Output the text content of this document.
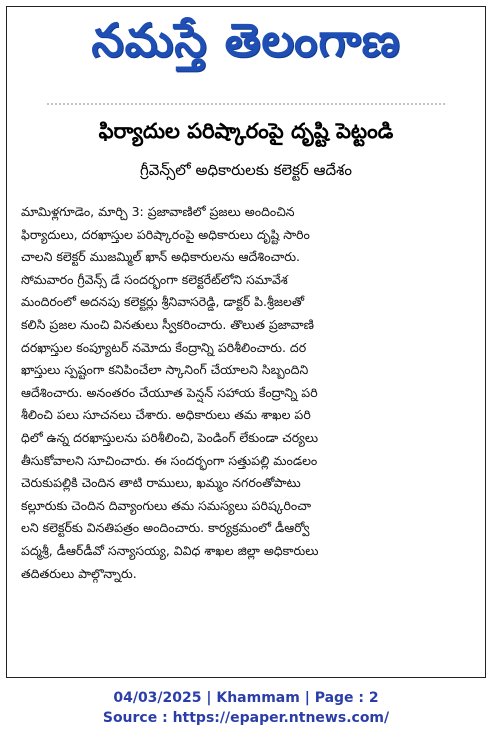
నమస్తే తెలంగాణ
ఫిర్యాదుల పరిష్కారంపై దృష్టి పెట్టండి
గ్రీవెన్స్‌లో అధికారులకు కలెక్టర్ ఆదేశం
మామిళ్లగూడెం, మార్చి 3: ప్రజావాణిలో ప్రజలు అందించిన
ఫిర్యాదులు, దరఖాస్తుల పరిష్కారంపై అధికారులు దృష్టి సారిం
చాలని కలెక్టర్ ముజమ్మిల్ ఖాన్ అధికారులను ఆదేశించారు.
సోమవారం గ్రీవెన్స్ డే సందర్భంగా కలెక్టరేట్‌లోని సమావేశ
మందిరంలో అదనపు కలెక్టర్లు శ్రీనివాసరెడ్డి, డాక్టర్ పి.శ్రీజలతో
కలిసి ప్రజల నుంచి వినతులు స్వీకరించారు. తొలుత ప్రజావాణి
దరఖాస్తుల కంప్యూటర్ నమోదు కేంద్రాన్ని పరిశీలించారు. దర
ఖాస్తులు స్పష్టంగా కనిపించేలా స్కానింగ్ చేయాలని సిబ్బందిని
ఆదేశించారు. అనంతరం చేయూత పెన్షన్ సహాయ కేంద్రాన్ని పరి
శీలించి పలు సూచనలు చేశారు. అధికారులు తమ శాఖల పరి
ధిలో ఉన్న దరఖాస్తులను పరిశీలించి, పెండింగ్ లేకుండా చర్యలు
తీసుకోవాలని సూచించారు. ఈ సందర్భంగా సత్తుపల్లి మండలం
చెరుకుపల్లికి చెందిన తాటి రాములు, ఖమ్మం నగరంతోపాటు
కల్లూరుకు చెందిన దివ్యాంగులు తమ సమస్యలు పరిష్కరించా
లని కలెక్టర్‌కు వినతిపత్రం అందించారు. కార్యక్రమంలో డీఆర్వో
పద్మశ్రీ, డీఆర్‌డీవో సన్యాసయ్య, వివిధ శాఖల జిల్లా అధికారులు
తదితరులు పాల్గొన్నారు.
04/03/2025 | Khammam | Page : 2
Source : https://epaper.ntnews.com/
